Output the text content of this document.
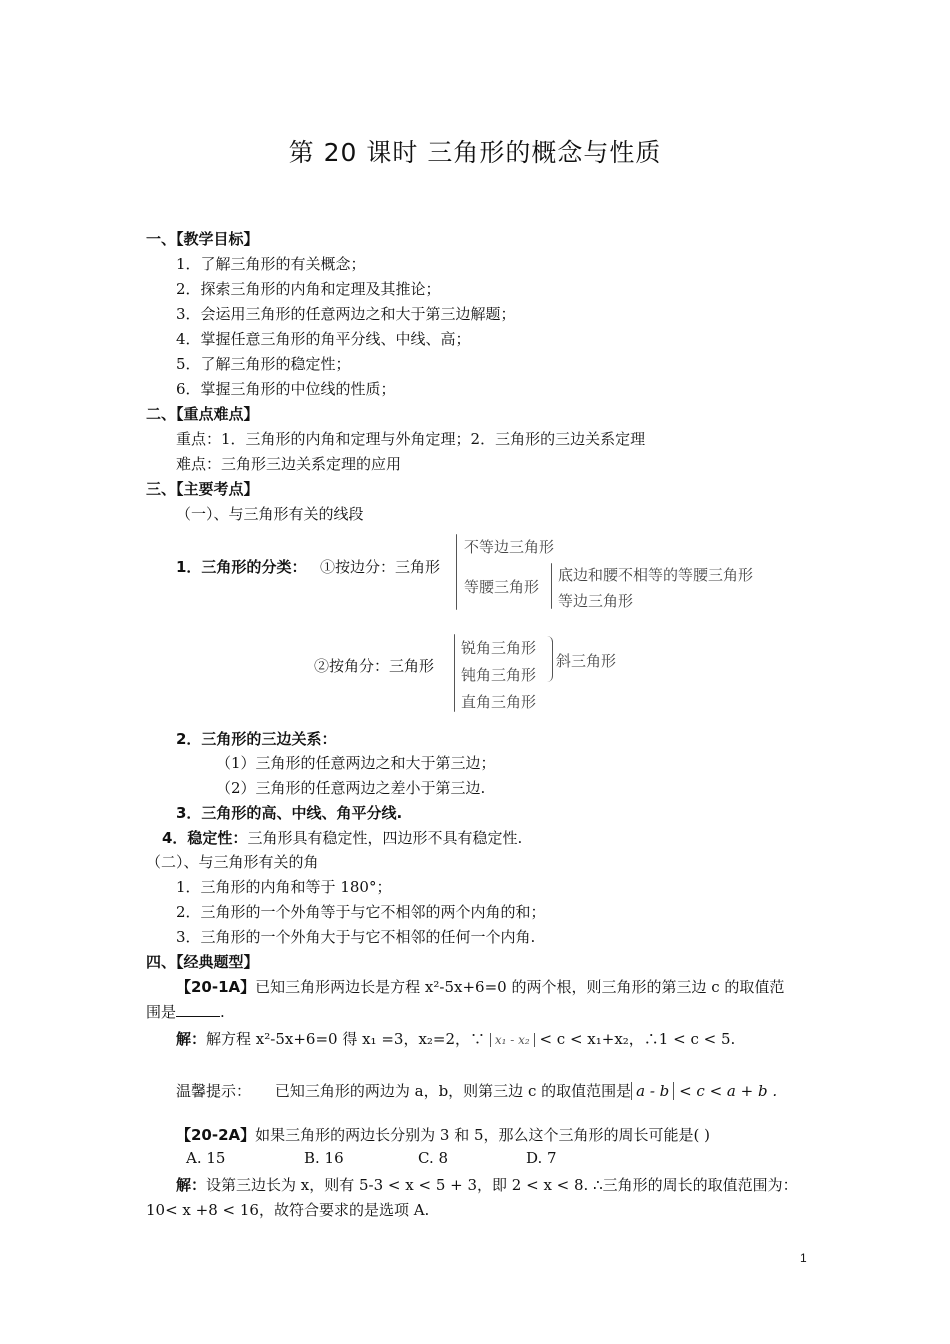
第 20 课时 三角形的概念与性质
一、【教学目标】
1．了解三角形的有关概念；
2．探索三角形的内角和定理及其推论；
3．会运用三角形的任意两边之和大于第三边解题；
4．掌握任意三角形的角平分线、中线、高；
5．了解三角形的稳定性；
6．掌握三角形的中位线的性质；
二、【重点难点】
重点：1．三角形的内角和定理与外角定理；2．三角形的三边关系定理
难点：三角形三边关系定理的应用
三、【主要考点】
（一）、与三角形有关的线段
1．三角形的分类： ①按边分：三角形
不等边三角形
等腰三角形
底边和腰不相等的等腰三角形
等边三角形
②按角分：三角形
锐角三角形
钝角三角形
直角三角形
斜三角形
2．三角形的三边关系：
（1）三角形的任意两边之和大于第三边；
（2）三角形的任意两边之差小于第三边.
3．三角形的高、中线、角平分线.
4．稳定性：三角形具有稳定性，四边形不具有稳定性.
（二）、与三角形有关的角
1．三角形的内角和等于 180°；
2．三角形的一个外角等于与它不相邻的两个内角的和；
3．三角形的一个外角大于与它不相邻的任何一个内角.
四、【经典题型】
【20-1A】已知三角形两边长是方程 x²-5x+6=0 的两个根，则三角形的第三边 c 的取值范
围是	.
解：解方程 x²-5x+6=0 得 x₁ =3，x₂=2，∵ x₁ - x₂ < c < x₁+x₂，∴1 < c < 5.
温馨提示： 已知三角形的两边为 a，b，则第三边 c 的取值范围是 a - b < c < a + b .
【20-2A】如果三角形的两边长分别为 3 和 5，那么这个三角形的周长可能是( )
A. 15	B. 16	C. 8	D. 7
解：设第三边长为 x，则有 5-3 < x < 5 + 3，即 2 < x < 8. ∴三角形的周长的取值范围为：
10< x +8 < 16，故符合要求的是选项 A.
1
